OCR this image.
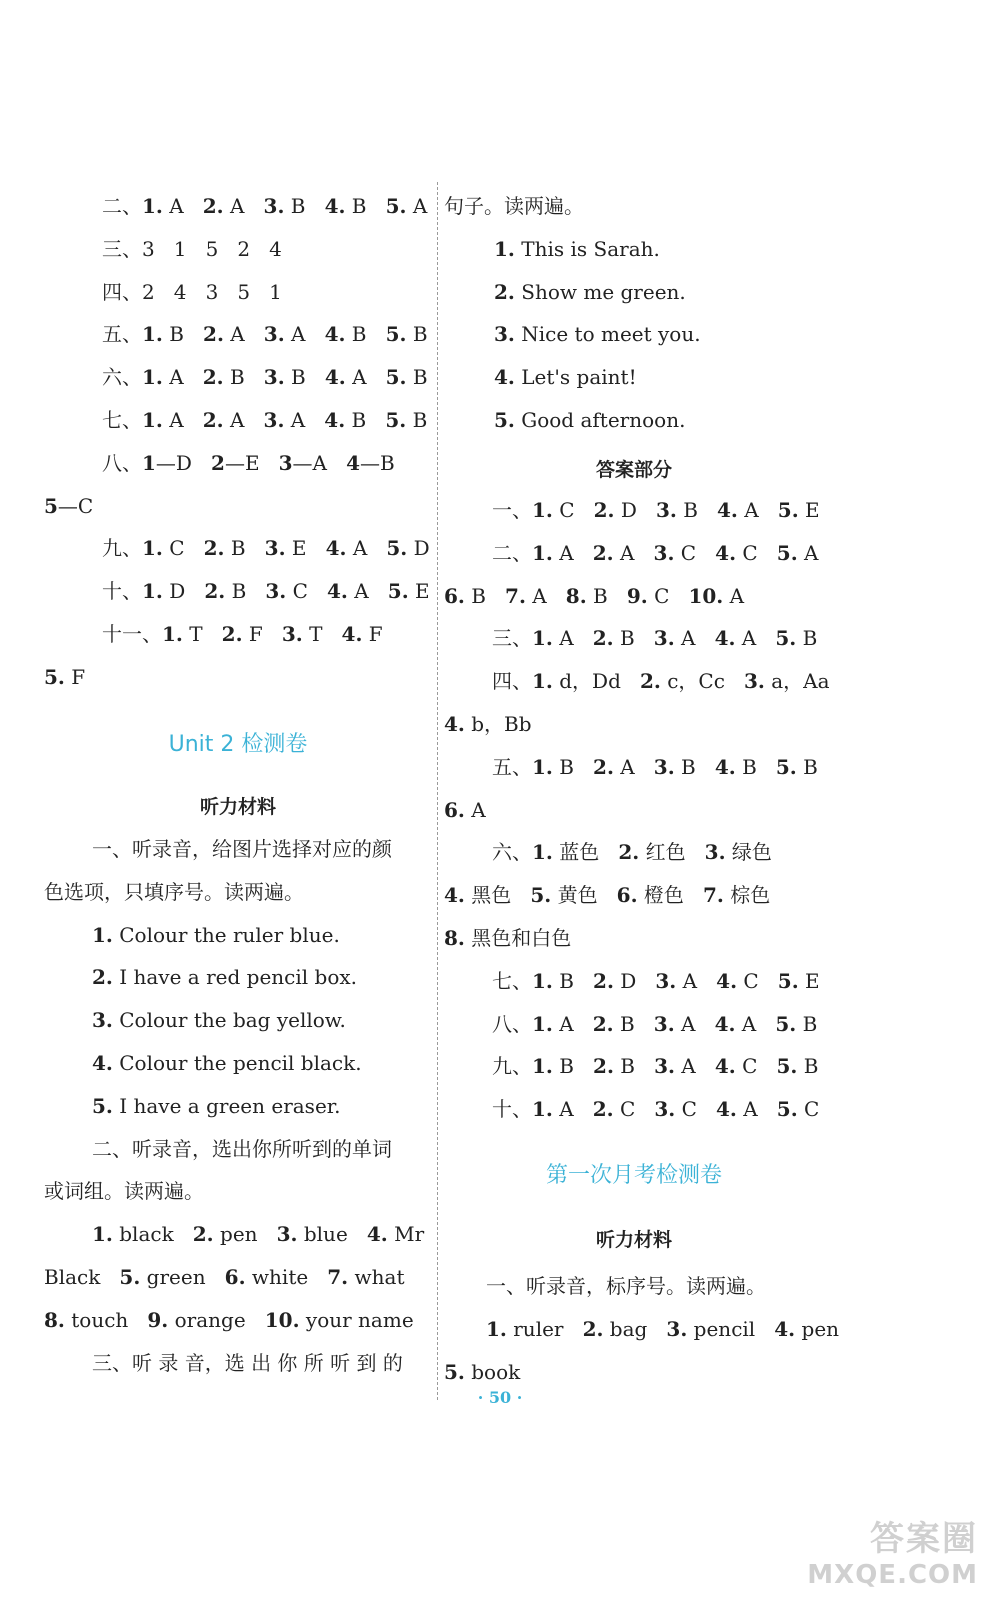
二、1. A   2. A   3. B   4. B   5. A
三、3   1   5   2   4
四、2   4   3   5   1
五、1. B   2. A   3. A   4. B   5. B
六、1. A   2. B   3. B   4. A   5. B
七、1. A   2. A   3. A   4. B   5. B
八、1—D   2—E   3—A   4—B
5—C
九、1. C   2. B   3. E   4. A   5. D
十、1. D   2. B   3. C   4. A   5. E
十一、1. T   2. F   3. T   4. F
5. F
Unit 2 检测卷
听力材料
一、听录音，给图片选择对应的颜
色选项，只填序号。读两遍。
1. Colour the ruler blue.
2. I have a red pencil box.
3. Colour the bag yellow.
4. Colour the pencil black.
5. I have a green eraser.
二、听录音，选出你所听到的单词
或词组。读两遍。
1. black   2. pen   3. blue   4. Mr
Black   5. green   6. white   7. what
8. touch   9. orange   10. your name
三、听 录 音，选 出 你 所 听 到 的
句子。读两遍。
1. This is Sarah.
2. Show me green.
3. Nice to meet you.
4. Let's paint!
5. Good afternoon.
答案部分
一、1. C   2. D   3. B   4. A   5. E
二、1. A   2. A   3. C   4. C   5. A
6. B   7. A   8. B   9. C   10. A
三、1. A   2. B   3. A   4. A   5. B
四、1. d，Dd   2. c，Cc   3. a，Aa
4. b，Bb
五、1. B   2. A   3. B   4. B   5. B
6. A
六、1. 蓝色   2. 红色   3. 绿色
4. 黑色   5. 黄色   6. 橙色   7. 棕色
8. 黑色和白色
七、1. B   2. D   3. A   4. C   5. E
八、1. A   2. B   3. A   4. A   5. B
九、1. B   2. B   3. A   4. C   5. B
十、1. A   2. C   3. C   4. A   5. C
第一次月考检测卷
听力材料
一、听录音，标序号。读两遍。
1. ruler   2. bag   3. pencil   4. pen
5. book
· 50 ·
答案圈
MXQE.COM
